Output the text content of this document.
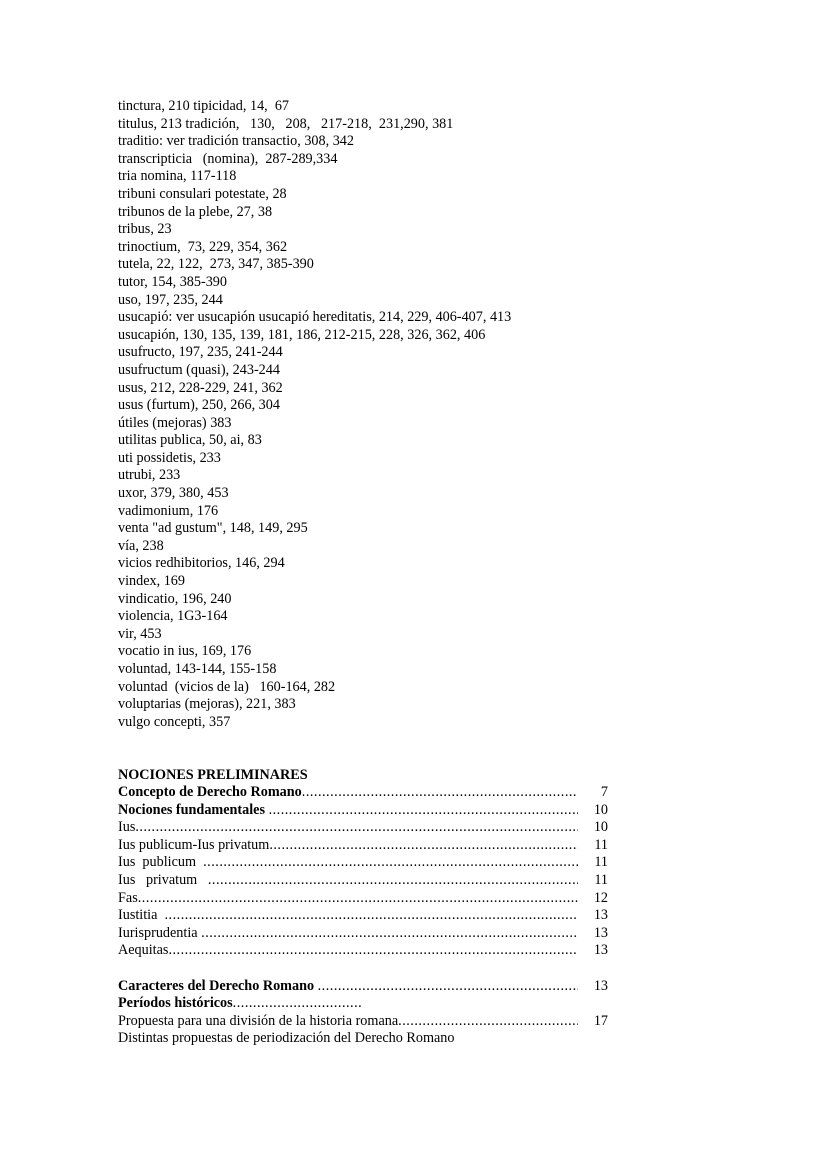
tinctura, 210 tipicidad, 14,  67
titulus, 213 tradición,   130,   208,   217-218,  231,290, 381
traditio: ver tradición transactio, 308, 342
transcripticia   (nomina),  287-289,334
tria nomina, 117-118
tribuni consulari potestate, 28
tribunos de la plebe, 27, 38
tribus, 23
trinoctium,  73, 229, 354, 362
tutela, 22, 122,  273, 347, 385-390
tutor, 154, 385-390
uso, 197, 235, 244
usucapió: ver usucapión usucapió hereditatis, 214, 229, 406-407, 413
usucapión, 130, 135, 139, 181, 186, 212-215, 228, 326, 362, 406
usufructo, 197, 235, 241-244
usufructum (quasi), 243-244
usus, 212, 228-229, 241, 362
usus (furtum), 250, 266, 304
útiles (mejoras) 383
utilitas publica, 50, ai, 83
uti possidetis, 233
utrubi, 233
uxor, 379, 380, 453
vadimonium, 176
venta "ad gustum", 148, 149, 295
vía, 238
vicios redhibitorios, 146, 294
vindex, 169
vindicatio, 196, 240
violencia, 1G3-164
vir, 453
vocatio in ius, 169, 176
voluntad, 143-144, 155-158
voluntad  (vicios de la)   160-164, 282
voluptarias (mejoras), 221, 383
vulgo concepti, 357
NOCIONES PRELIMINARES
Concepto de Derecho Romano .....	7
Nociones fundamentales .....	10
Ius .....	10
Ius publicum-Ius privatum .....	11
Ius  publicum .....	11
Ius   privatum .....	11
Fas .....	12
Iustitia .....	13
Iurisprudentia .....	13
Aequitas .....	13
Caracteres del Derecho Romano .....	13
Períodos históricos
.....
Propuesta para una división de la historia romana .....	17
Distintas propuestas de periodización del Derecho Romano
